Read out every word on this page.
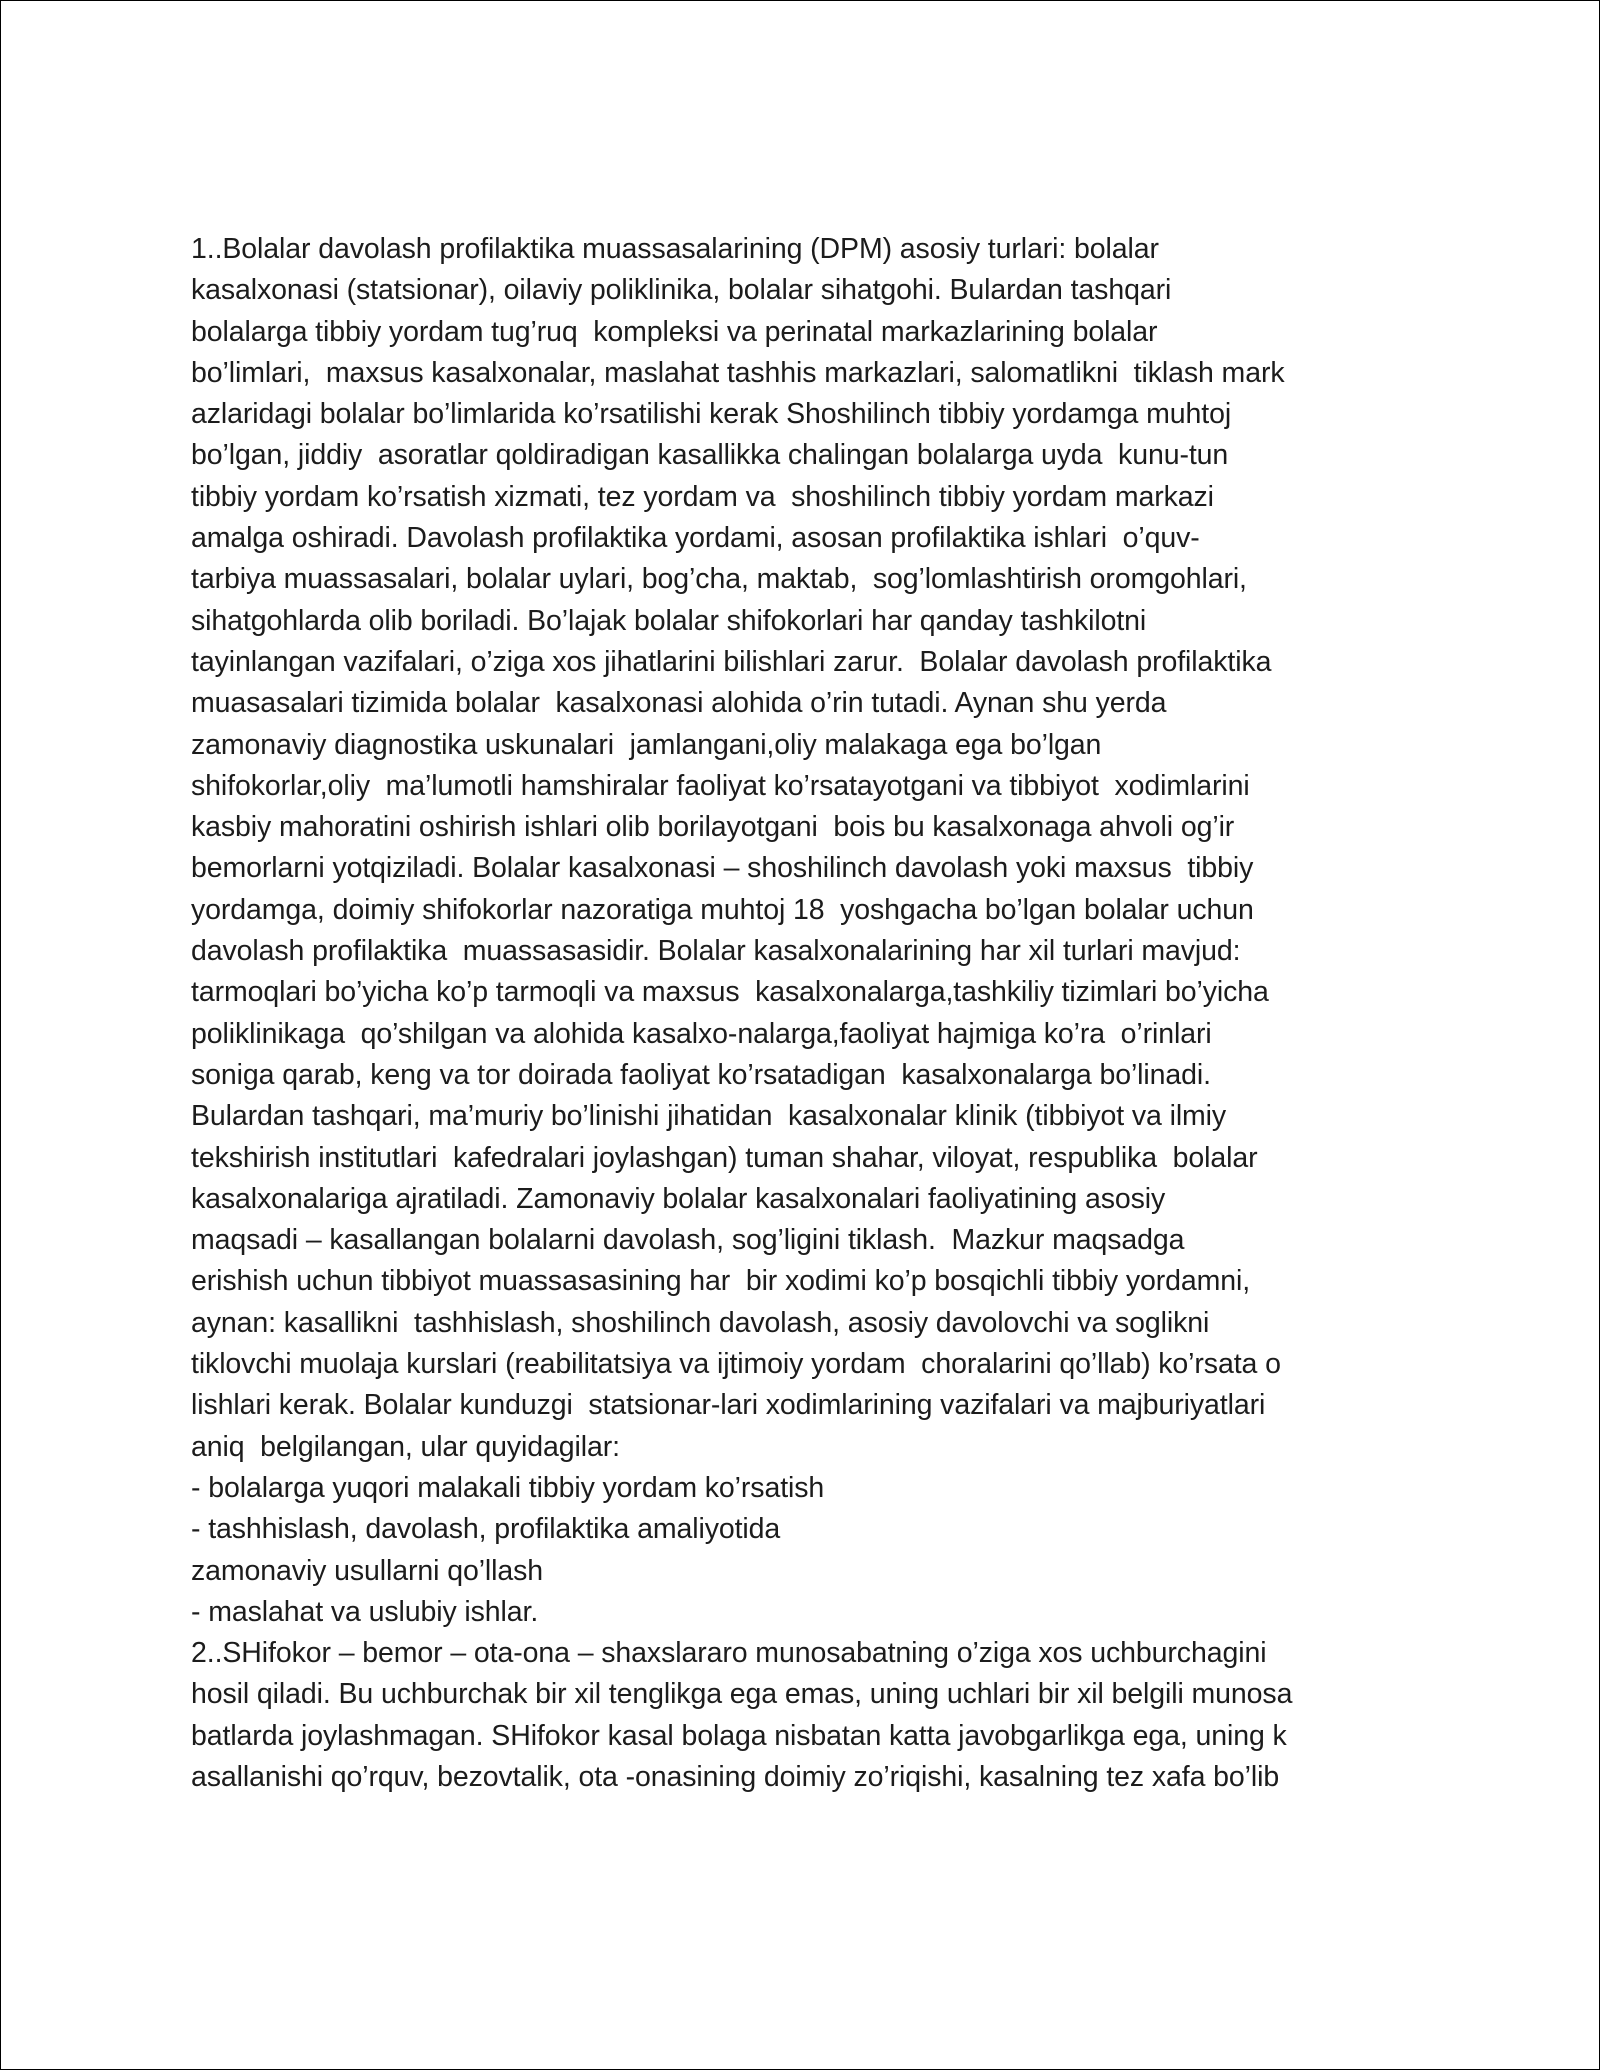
1..Bolalar davolash profilaktika muassasalarining (DPM) asosiy turlari: bolalar
kasalxonasi (statsionar), oilaviy poliklinika, bolalar sihatgohi. Bulardan tashqari
bolalarga tibbiy yordam tug’ruq  kompleksi va perinatal markazlarining bolalar
bo’limlari,  maxsus kasalxonalar, maslahat tashhis markazlari, salomatlikni  tiklash mark
azlaridagi bolalar bo’limlarida ko’rsatilishi kerak Shoshilinch tibbiy yordamga muhtoj
bo’lgan, jiddiy  asoratlar qoldiradigan kasallikka chalingan bolalarga uyda  kunu-tun
tibbiy yordam ko’rsatish xizmati, tez yordam va  shoshilinch tibbiy yordam markazi
amalga oshiradi. Davolash profilaktika yordami, asosan profilaktika ishlari  o’quv-
tarbiya muassasalari, bolalar uylari, bog’cha, maktab,  sog’lomlashtirish oromgohlari,
sihatgohlarda olib boriladi. Bo’lajak bolalar shifokorlari har qanday tashkilotni
tayinlangan vazifalari, o’ziga xos jihatlarini bilishlari zarur.  Bolalar davolash profilaktika
muasasalari tizimida bolalar  kasalxonasi alohida o’rin tutadi. Aynan shu yerda
zamonaviy diagnostika uskunalari  jamlangani,oliy malakaga ega bo’lgan
shifokorlar,oliy  ma’lumotli hamshiralar faoliyat ko’rsatayotgani va tibbiyot  xodimlarini
kasbiy mahoratini oshirish ishlari olib borilayotgani  bois bu kasalxonaga ahvoli og’ir
bemorlarni yotqiziladi. Bolalar kasalxonasi – shoshilinch davolash yoki maxsus  tibbiy
yordamga, doimiy shifokorlar nazoratiga muhtoj 18  yoshgacha bo’lgan bolalar uchun
davolash profilaktika  muassasasidir. Bolalar kasalxonalarining har xil turlari mavjud:
tarmoqlari bo’yicha ko’p tarmoqli va maxsus  kasalxonalarga,tashkiliy tizimlari bo’yicha
poliklinikaga  qo’shilgan va alohida kasalxo-nalarga,faoliyat hajmiga ko’ra  o’rinlari
soniga qarab, keng va tor doirada faoliyat ko’rsatadigan  kasalxonalarga bo’linadi.
Bulardan tashqari, ma’muriy bo’linishi jihatidan  kasalxonalar klinik (tibbiyot va ilmiy
tekshirish institutlari  kafedralari joylashgan) tuman shahar, viloyat, respublika  bolalar
kasalxonalariga ajratiladi. Zamonaviy bolalar kasalxonalari faoliyatining asosiy
maqsadi – kasallangan bolalarni davolash, sog’ligini tiklash.  Mazkur maqsadga
erishish uchun tibbiyot muassasasining har  bir xodimi ko’p bosqichli tibbiy yordamni,
aynan: kasallikni  tashhislash, shoshilinch davolash, asosiy davolovchi va soglikni
tiklovchi muolaja kurslari (reabilitatsiya va ijtimoiy yordam  choralarini qo’llab) ko’rsata o
lishlari kerak. Bolalar kunduzgi  statsionar-lari xodimlarining vazifalari va majburiyatlari
aniq  belgilangan, ular quyidagilar:
- bolalarga yuqori malakali tibbiy yordam ko’rsatish
- tashhislash, davolash, profilaktika amaliyotida
zamonaviy usullarni qo’llash
- maslahat va uslubiy ishlar.
2..SHifokor – bemor – ota-ona – shaxslararo munosabatning o’ziga xos uchburchagini
hosil qiladi. Bu uchburchak bir xil tenglikga ega emas, uning uchlari bir xil belgili munosa
batlarda joylashmagan. SHifokor kasal bolaga nisbatan katta javobgarlikga ega, uning k
asallanishi qo’rquv, bezovtalik, ota -onasining doimiy zo’riqishi, kasalning tez xafa bo’lib
